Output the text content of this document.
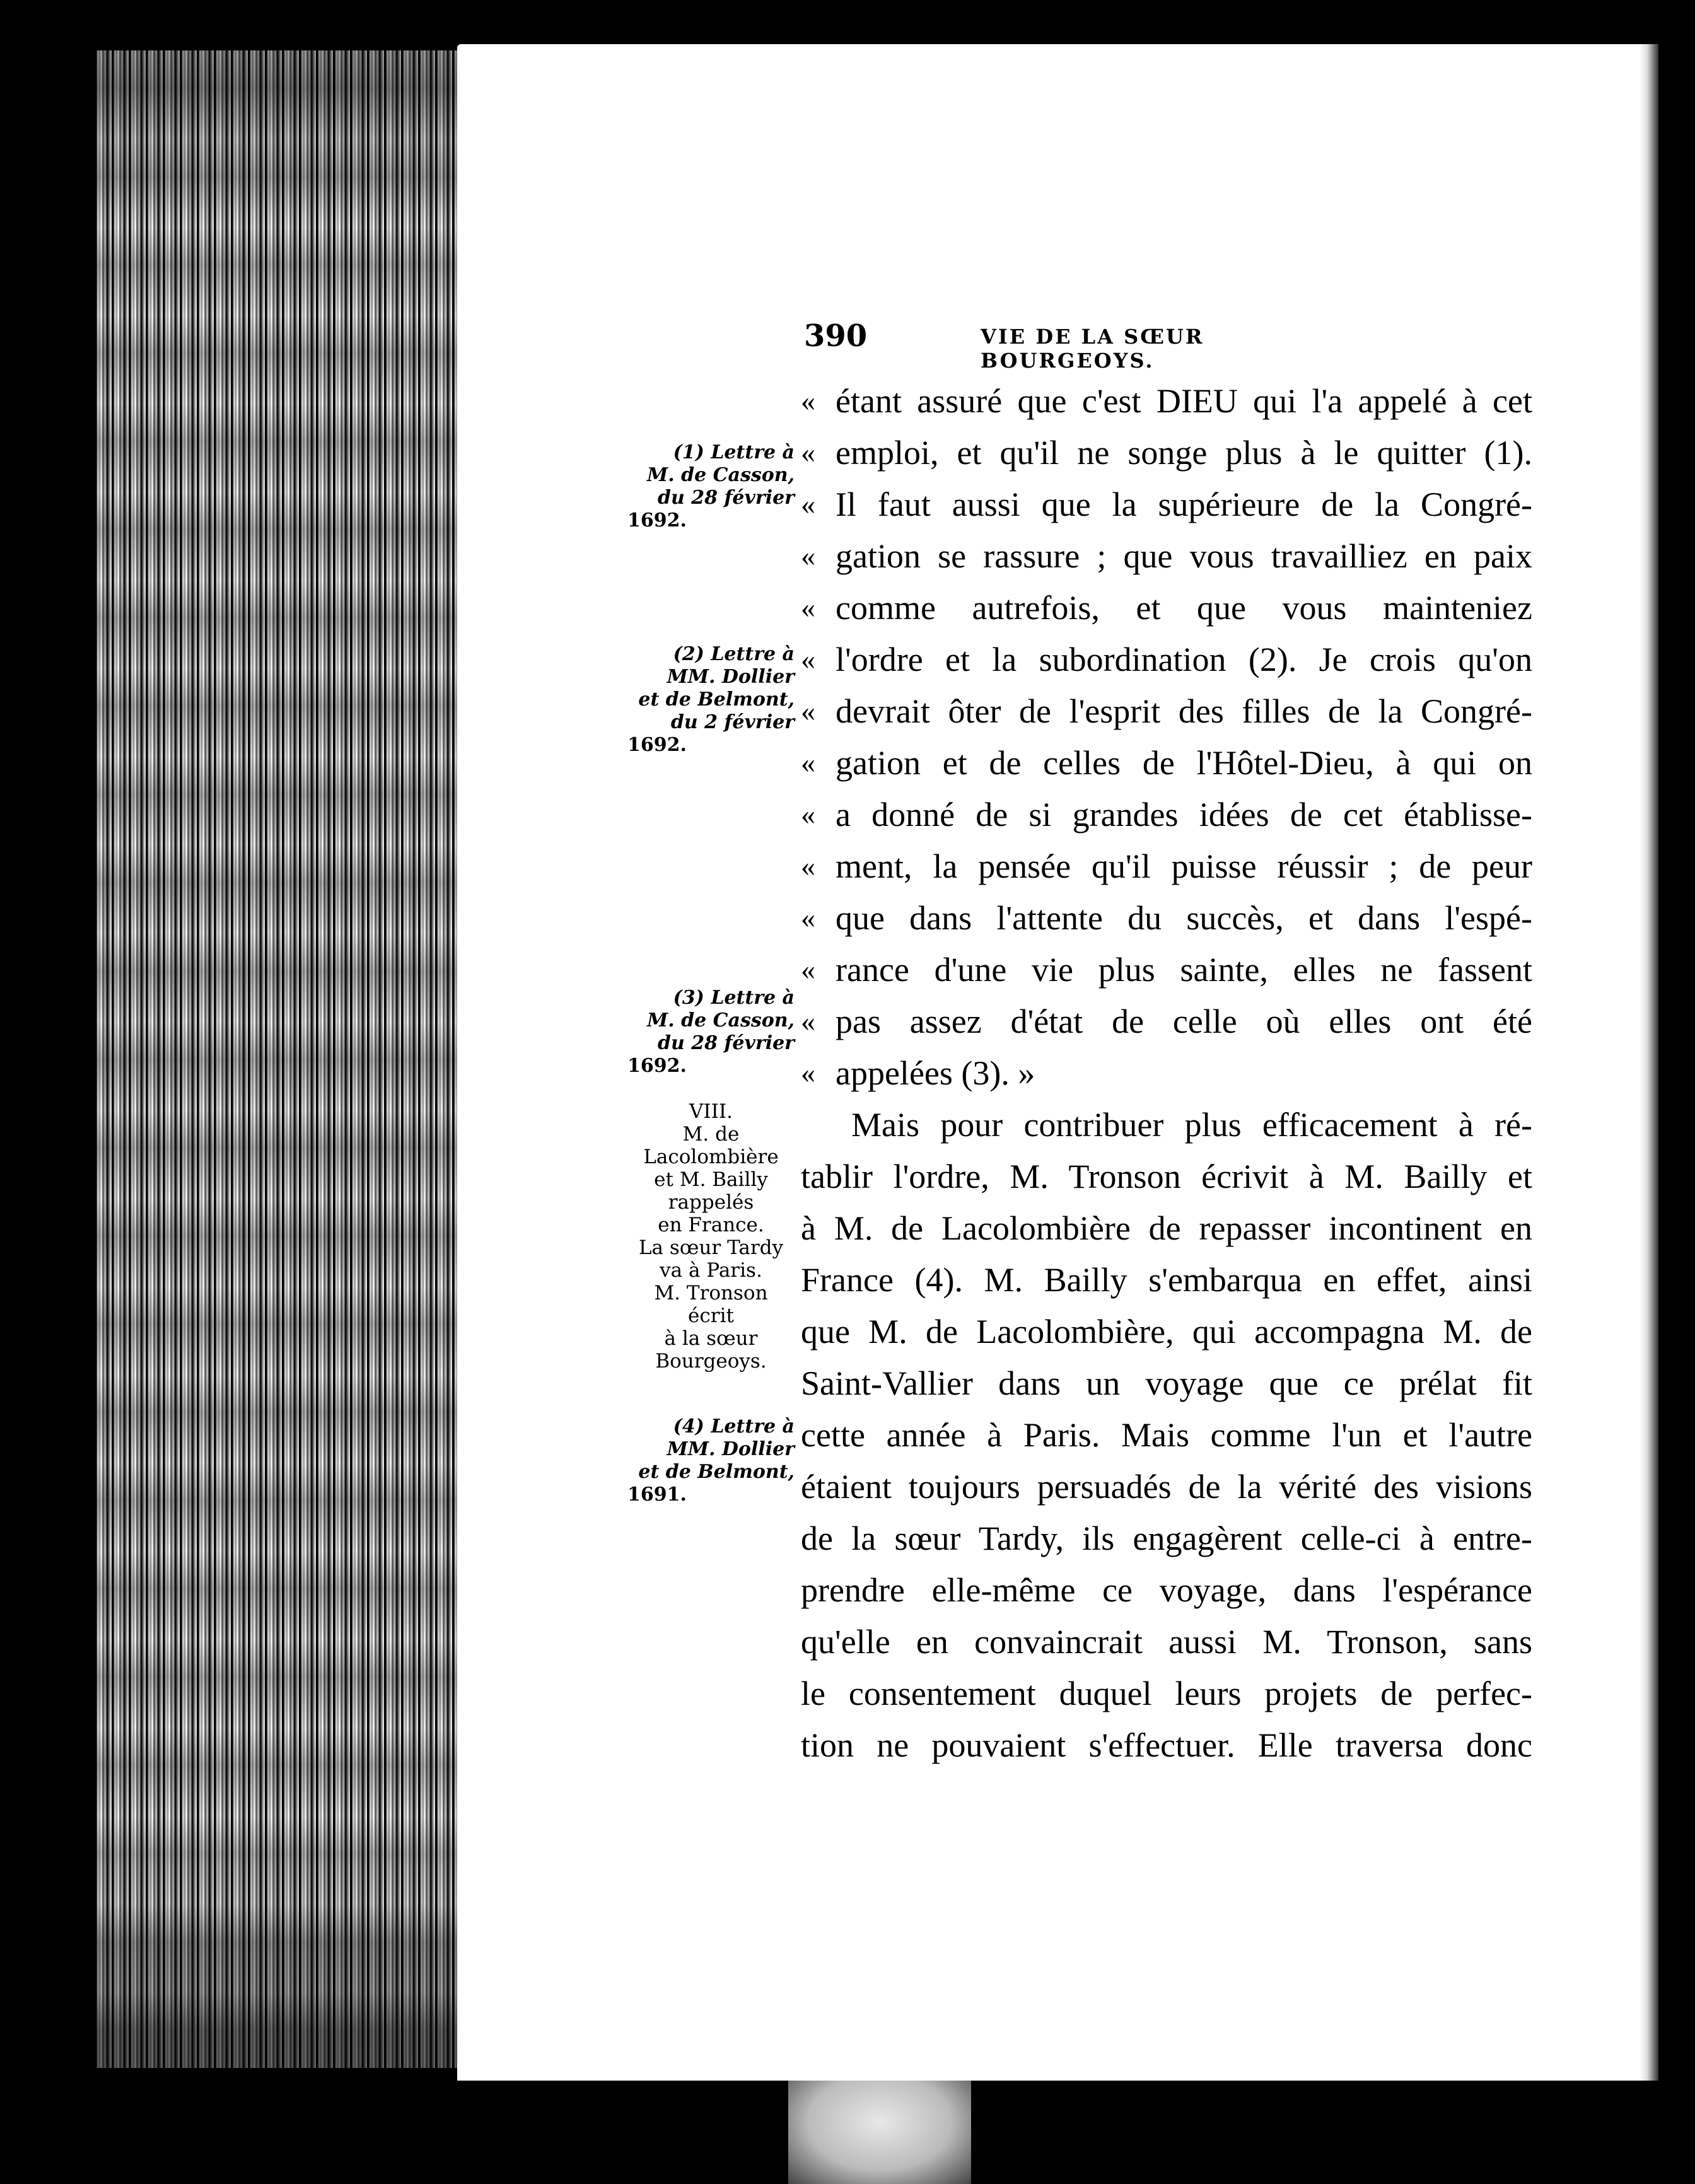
390	VIE DE LA SŒUR BOURGEOYS.
« étant assuré que c'est DIEU qui l'a appelé à cet
« emploi, et qu'il ne songe plus à le quitter (1).
« Il faut aussi que la supérieure de la Congré-
« gation se rassure ; que vous travailliez en paix
« comme autrefois, et que vous mainteniez
« l'ordre et la subordination (2). Je crois qu'on
« devrait ôter de l'esprit des filles de la Congré-
« gation et de celles de l'Hôtel-Dieu, à qui on
« a donné de si grandes idées de cet établisse-
« ment, la pensée qu'il puisse réussir ; de peur
« que dans l'attente du succès, et dans l'espé-
« rance d'une vie plus sainte, elles ne fassent
« pas assez d'état de celle où elles ont été
« appelées (3). »
Mais pour contribuer plus efficacement à ré-
tablir l'ordre, M. Tronson écrivit à M. Bailly et
à M. de Lacolombière de repasser incontinent en
France (4). M. Bailly s'embarqua en effet, ainsi
que M. de Lacolombière, qui accompagna M. de
Saint-Vallier dans un voyage que ce prélat fit
cette année à Paris. Mais comme l'un et l'autre
étaient toujours persuadés de la vérité des visions
de la sœur Tardy, ils engagèrent celle-ci à entre-
prendre elle-même ce voyage, dans l'espérance
qu'elle en convaincrait aussi M. Tronson, sans
le consentement duquel leurs projets de perfec-
tion ne pouvaient s'effectuer. Elle traversa donc
(1) Lettre à
M. de Casson,
du 28 février
1692.
(2) Lettre à
MM. Dollier
et de Belmont,
du 2 février
1692.
(3) Lettre à
M. de Casson,
du 28 février
1692.
VIII.
M. de
Lacolombière
et M. Bailly
rappelés
en France.
La sœur Tardy
va à Paris.
M. Tronson
écrit
à la sœur
Bourgeoys.
(4) Lettre à
MM. Dollier
et de Belmont,
1691.
